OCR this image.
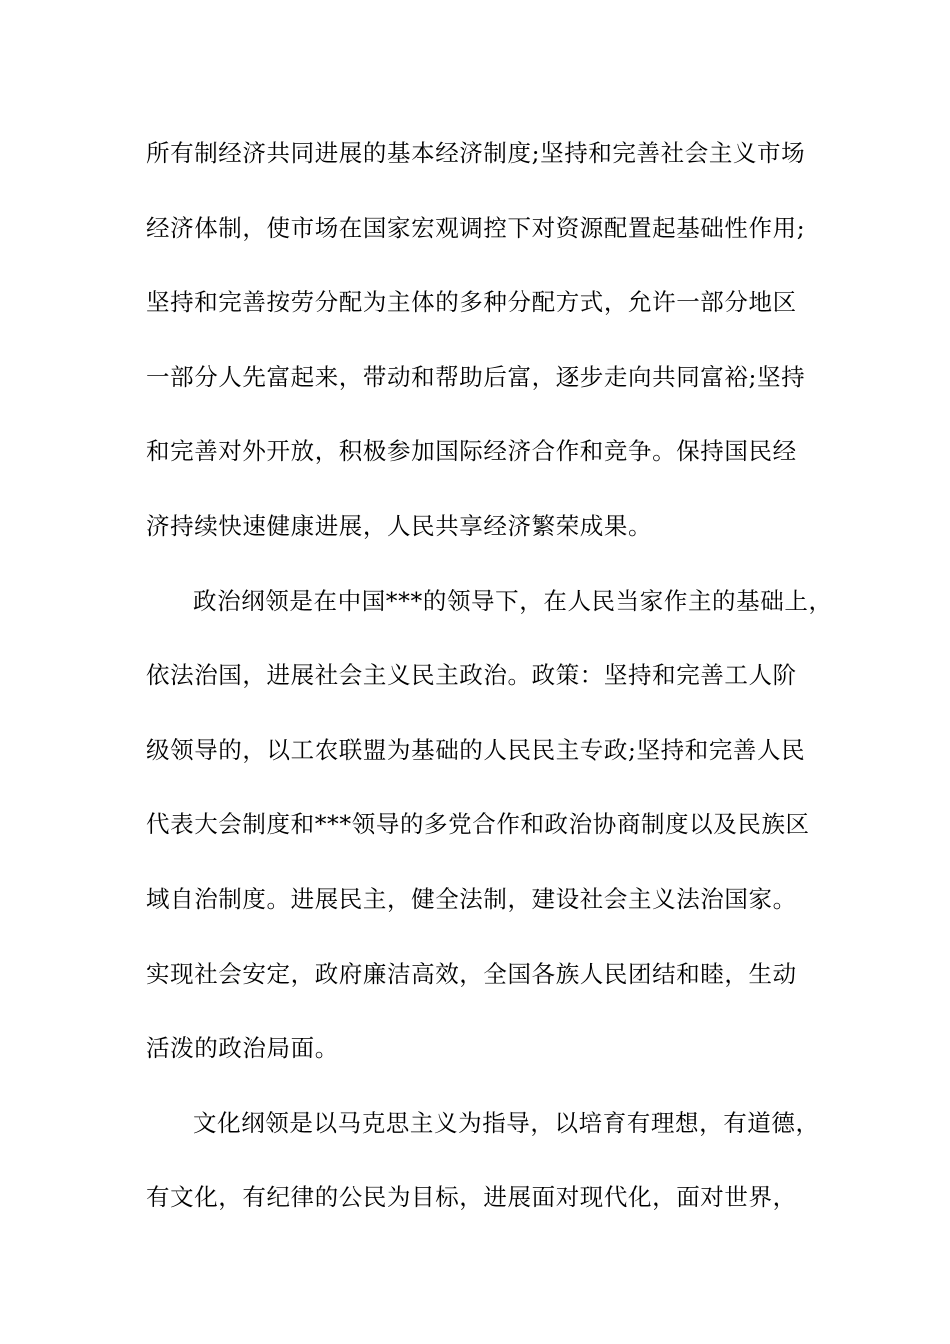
所有制经济共同进展的基本经济制度;坚持和完善社会主义市场
经济体制，使市场在国家宏观调控下对资源配置起基础性作用;
坚持和完善按劳分配为主体的多种分配方式，允许一部分地区
一部分人先富起来，带动和帮助后富，逐步走向共同富裕;坚持
和完善对外开放，积极参加国际经济合作和竞争。保持国民经
济持续快速健康进展，人民共享经济繁荣成果。
政治纲领是在中国***的领导下，在人民当家作主的基础上，
依法治国，进展社会主义民主政治。政策：坚持和完善工人阶
级领导的，以工农联盟为基础的人民民主专政;坚持和完善人民
代表大会制度和***领导的多党合作和政治协商制度以及民族区
域自治制度。进展民主，健全法制，建设社会主义法治国家。
实现社会安定，政府廉洁高效，全国各族人民团结和睦，生动
活泼的政治局面。
文化纲领是以马克思主义为指导，以培育有理想，有道德，
有文化，有纪律的公民为目标，进展面对现代化，面对世界，
